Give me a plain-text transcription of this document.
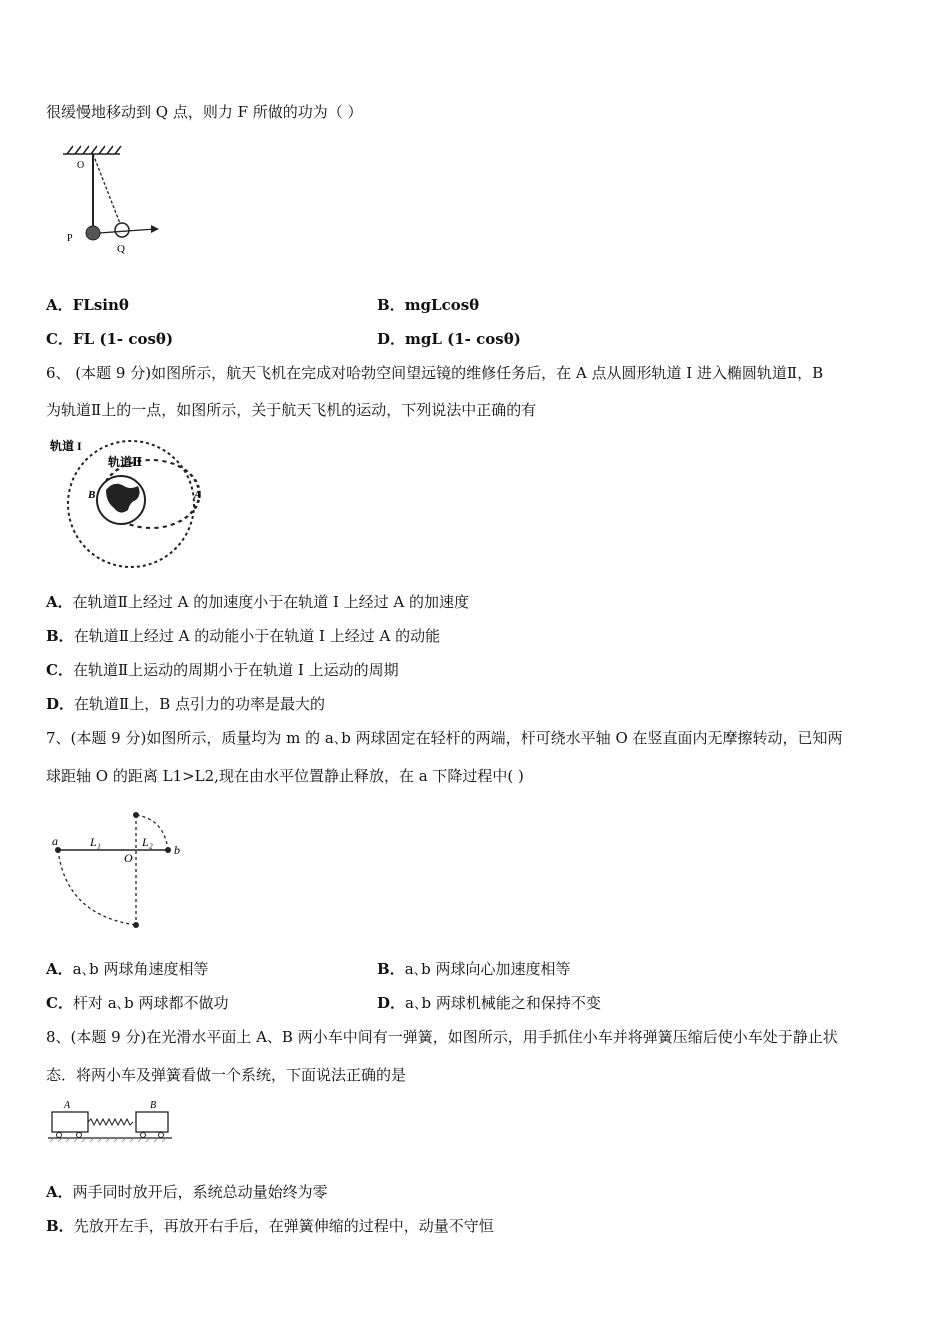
很缓慢地移动到 Q 点，则力 F 所做的功为（ ）
O
P
Q
A．FLsinθ	B．mgLcosθ
C．FL (1- cosθ)	D．mgL (1- cosθ)
6、 (本题 9 分)如图所示，航天飞机在完成对哈勃空间望远镜的维修任务后，在 A 点从圆形轨道 I 进入椭圆轨道Ⅱ，B
为轨道Ⅱ上的一点，如图所示，关于航天飞机的运动，下列说法中正确的有
轨道 I
轨道Ⅱ
B	A
A．在轨道Ⅱ上经过 A 的加速度小于在轨道 I 上经过 A 的加速度
B．在轨道Ⅱ上经过 A 的动能小于在轨道 I 上经过 A 的动能
C．在轨道Ⅱ上运动的周期小于在轨道 I 上运动的周期
D．在轨道Ⅱ上，B 点引力的功率是最大的
7、(本题 9 分)如图所示，质量均为 m 的 a､b 两球固定在轻杆的两端，杆可绕水平轴 O 在竖直面内无摩擦转动，已知两
球距轴 O 的距离 L1>L2,现在由水平位置静止释放，在 a 下降过程中( )
a	L₁	L₂
O
b
A．a､b 两球角速度相等	B．a､b 两球向心加速度相等
C．杆对 a､b 两球都不做功	D．a､b 两球机械能之和保持不变
8、(本题 9 分)在光滑水平面上 A、B 两小车中间有一弹簧，如图所示，用手抓住小车并将弹簧压缩后使小车处于静止状
态．将两小车及弹簧看做一个系统，下面说法正确的是
A	B
A．两手同时放开后，系统总动量始终为零
B．先放开左手，再放开右手后，在弹簧伸缩的过程中，动量不守恒
